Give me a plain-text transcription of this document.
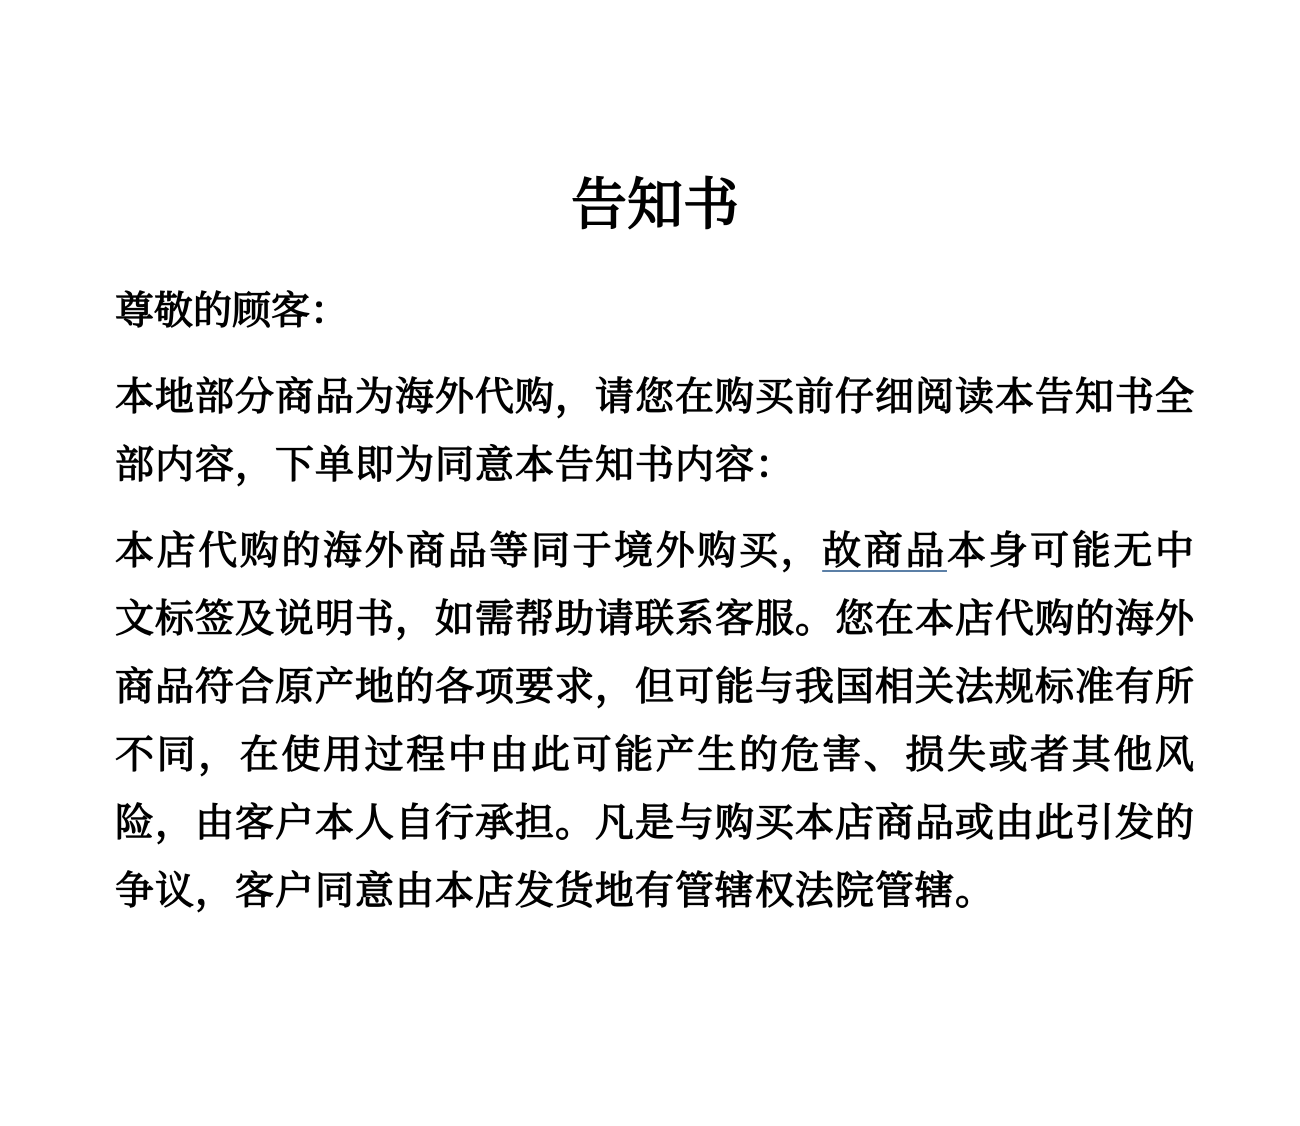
告知书

尊敬的顾客：

本地部分商品为海外代购，请您在购买前仔细阅读本告知书全部内容，下单即为同意本告知书内容：

本店代购的海外商品等同于境外购买，故商品本身可能无中文标签及说明书，如需帮助请联系客服。您在本店代购的海外商品符合原产地的各项要求，但可能与我国相关法规标准有所不同，在使用过程中由此可能产生的危害、损失或者其他风险，由客户本人自行承担。凡是与购买本店商品或由此引发的争议，客户同意由本店发货地有管辖权法院管辖。
